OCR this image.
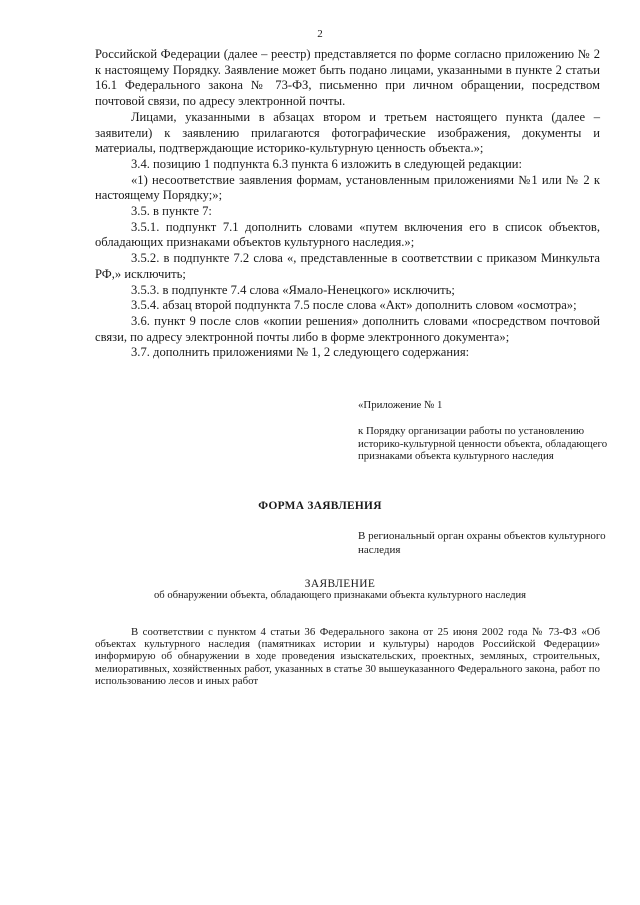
2

Российской Федерации (далее – реестр) представляется по форме согласно приложению № 2 к настоящему Порядку. Заявление может быть подано лицами, указанными в пункте 2 статьи 16.1 Федерального закона № 73-ФЗ, письменно при личном обращении, посредством почтовой связи, по адресу электронной почты.

Лицами, указанными в абзацах втором и третьем настоящего пункта (далее – заявители) к заявлению прилагаются фотографические изображения, документы и материалы, подтверждающие историко-культурную ценность объекта.»;

3.4. позицию 1 подпункта 6.3 пункта 6 изложить в следующей редакции:

«1) несоответствие заявления формам, установленным приложениями №1 или № 2 к настоящему Порядку;»;

3.5. в пункте 7:

3.5.1. подпункт 7.1 дополнить словами «путем включения его в список объектов, обладающих признаками объектов культурного наследия.»;

3.5.2. в подпункте 7.2 слова «, представленные в соответствии с приказом Минкульта РФ,» исключить;

3.5.3. в подпункте 7.4 слова «Ямало-Ненецкого» исключить;

3.5.4. абзац второй подпункта 7.5 после слова «Акт» дополнить словом «осмотра»;

3.6. пункт 9 после слов «копии решения» дополнить словами «посредством почтовой связи, по адресу электронной почты либо в форме электронного документа»;

3.7. дополнить приложениями № 1, 2 следующего содержания:

«Приложение № 1
к Порядку организации работы по установлению историко-культурной ценности объекта, обладающего признаками объекта культурного наследия
ФОРМА ЗАЯВЛЕНИЯ
В региональный орган охраны объектов культурного наследия
ЗАЯВЛЕНИЕ
об обнаружении объекта, обладающего признаками объекта культурного наследия

В соответствии с пунктом 4 статьи 36 Федерального закона от 25 июня 2002 года № 73-ФЗ «Об объектах культурного наследия (памятниках истории и культуры) народов Российской Федерации» информирую об обнаружении в ходе проведения изыскательских, проектных, земляных, строительных, мелиоративных, хозяйственных работ, указанных в статье 30 вышеуказанного Федерального закона, работ по использованию лесов и иных работ
